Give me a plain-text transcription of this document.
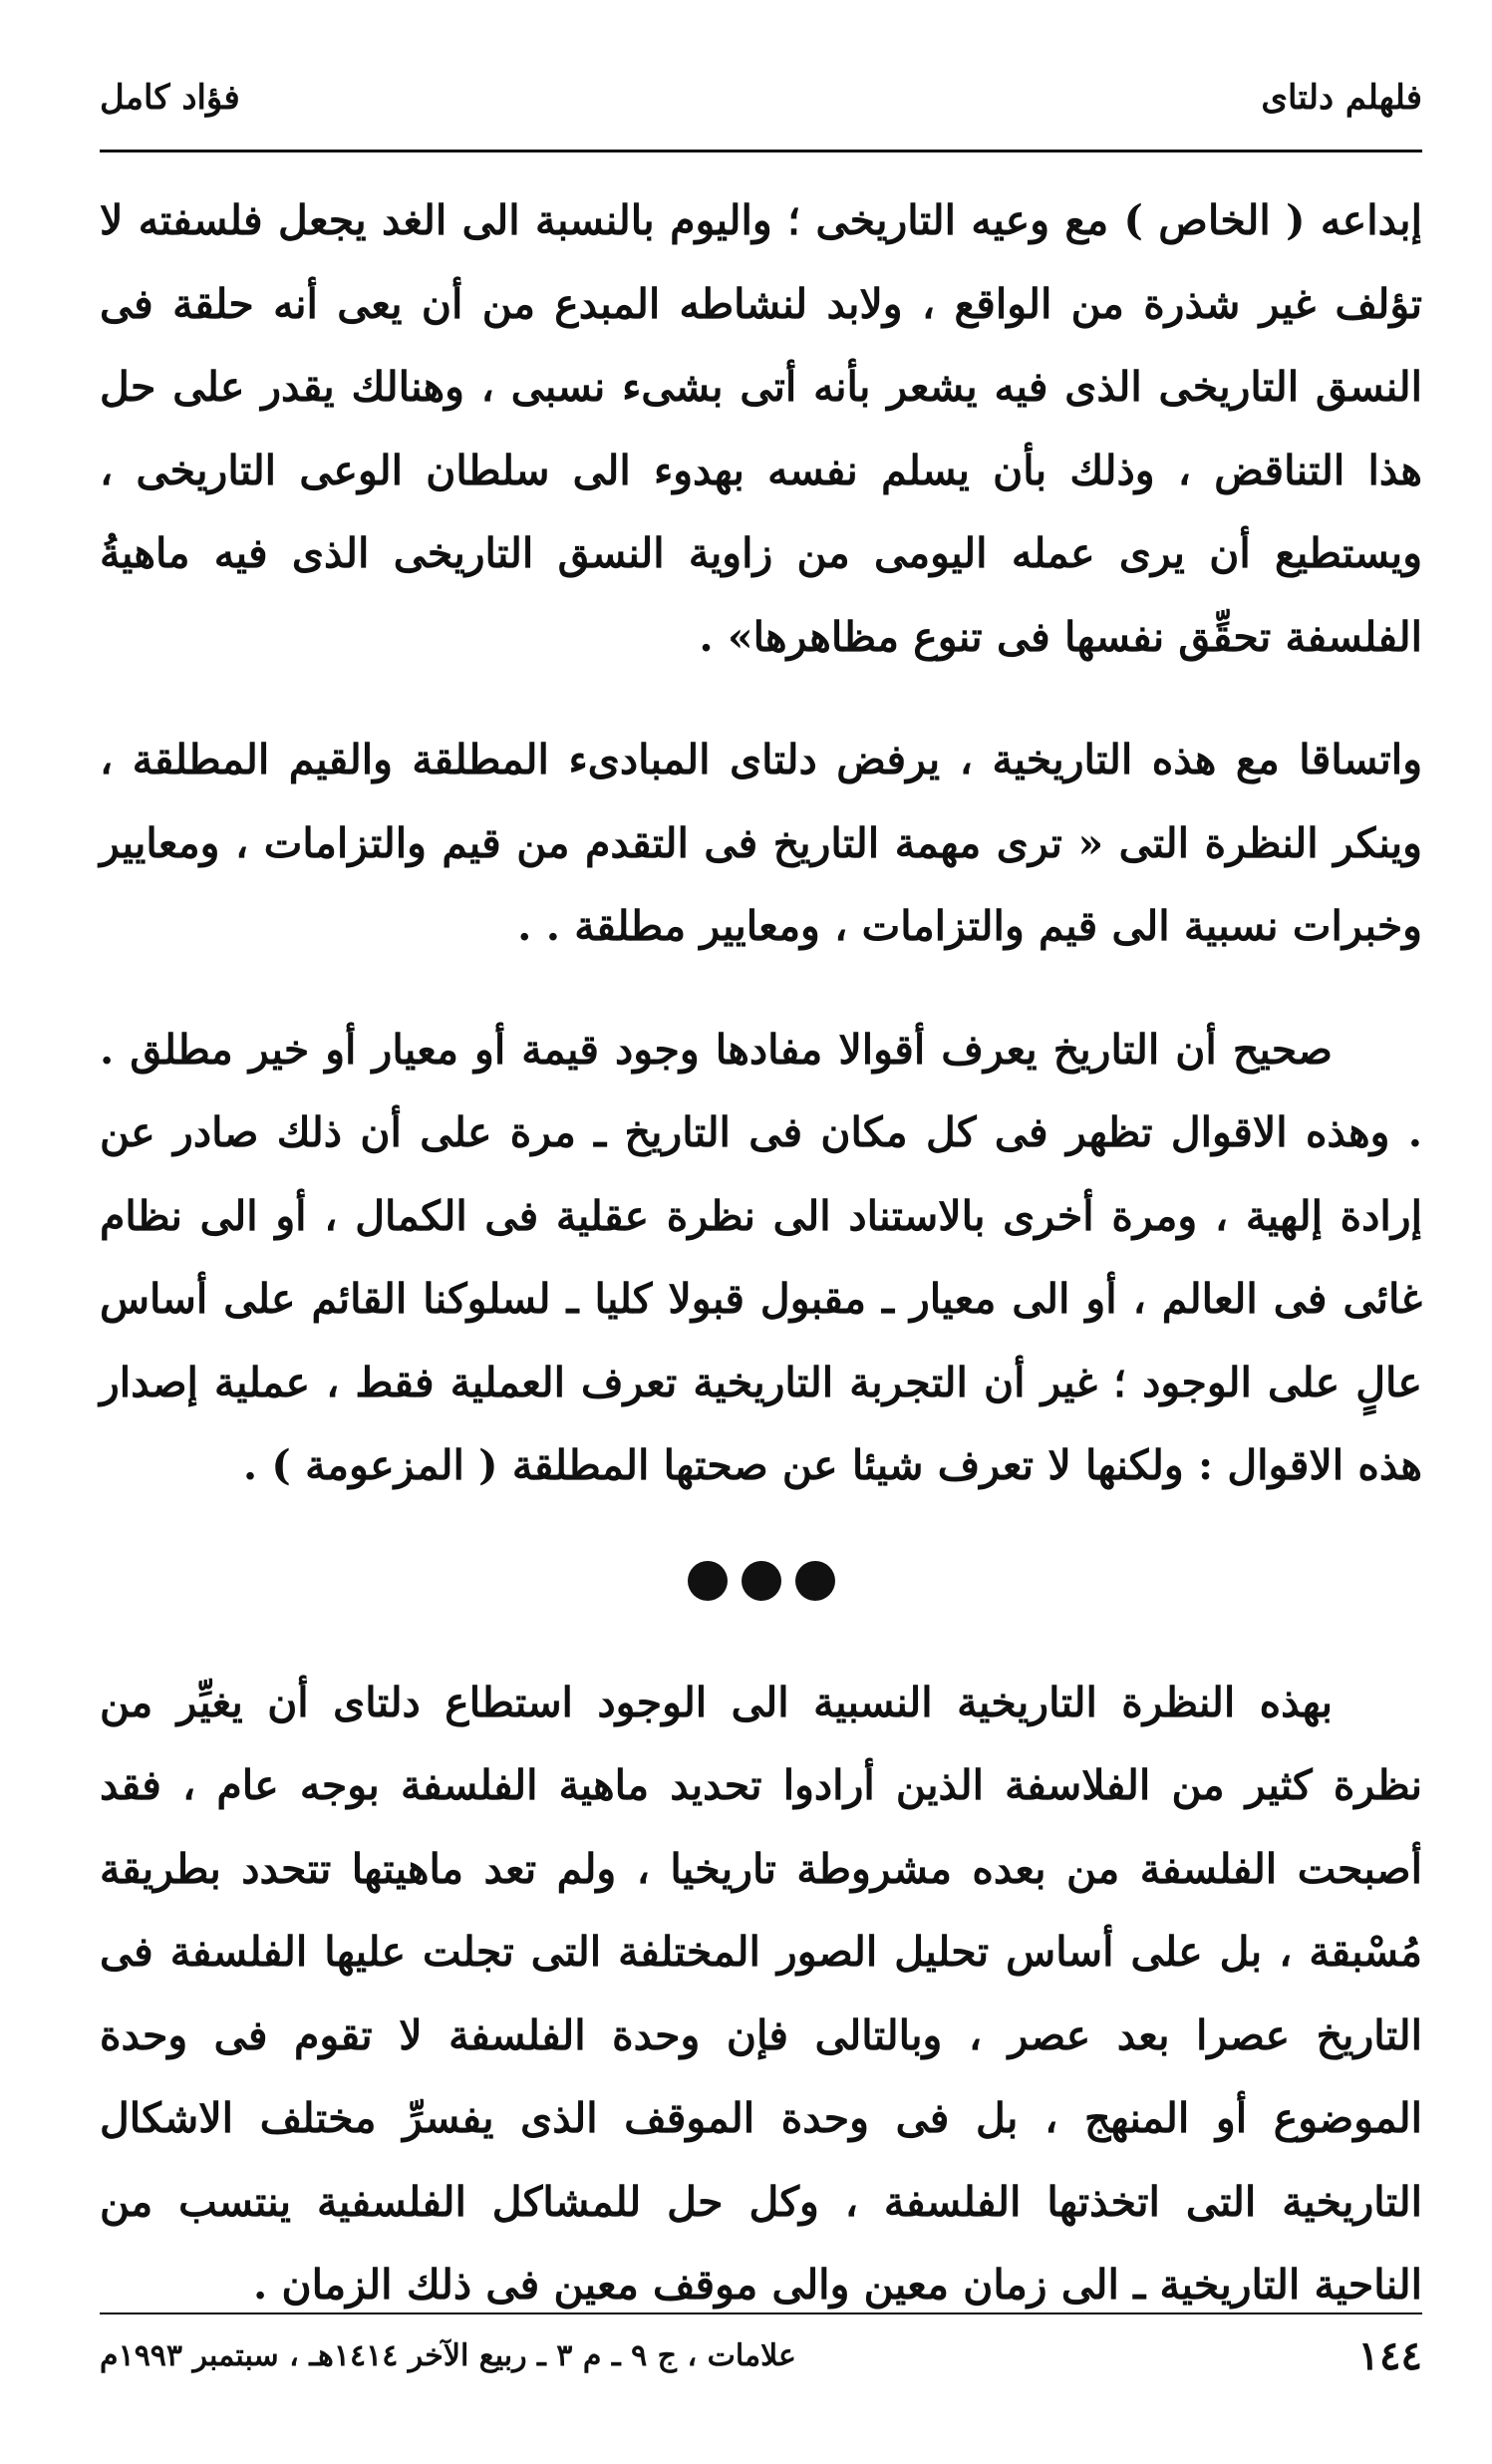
فلهلم دلتاى
فؤاد كامل

إبداعه ( الخاص ) مع وعيه التاريخى ؛ واليوم بالنسبة الى الغد يجعل فلسفته لا تؤلف غير شذرة من الواقع ، ولابد لنشاطه المبدع من أن يعى أنه حلقة فى النسق التاريخى الذى فيه يشعر بأنه أتى بشىء نسبى ، وهنالك يقدر على حل هذا التناقض ، وذلك بأن يسلم نفسه بهدوء الى سلطان الوعى التاريخى ، ويستطيع أن يرى عمله اليومى من زاوية النسق التاريخى الذى فيه ماهيةُ الفلسفة تحقِّق نفسها فى تنوع مظاهرها» .

واتساقا مع هذه التاريخية ، يرفض دلتاى المبادىء المطلقة والقيم المطلقة ، وينكر النظرة التى « ترى مهمة التاريخ فى التقدم من قيم والتزامات ، ومعايير وخبرات نسبية الى قيم والتزامات ، ومعايير مطلقة . .

صحيح أن التاريخ يعرف أقوالا مفادها وجود قيمة أو معيار أو خير مطلق . . وهذه الاقوال تظهر فى كل مكان فى التاريخ ـ مرة على أن ذلك صادر عن إرادة إلهية ، ومرة أخرى بالاستناد الى نظرة عقلية فى الكمال ، أو الى نظام غائى فى العالم ، أو الى معيار ـ مقبول قبولا كليا ـ لسلوكنا القائم على أساس عالٍ على الوجود ؛ غير أن التجربة التاريخية تعرف العملية فقط ، عملية إصدار هذه الاقوال : ولكنها لا تعرف شيئا عن صحتها المطلقة ( المزعومة ) .

بهذه النظرة التاريخية النسبية الى الوجود استطاع دلتاى أن يغيِّر من نظرة كثير من الفلاسفة الذين أرادوا تحديد ماهية الفلسفة بوجه عام ، فقد أصبحت الفلسفة من بعده مشروطة تاريخيا ، ولم تعد ماهيتها تتحدد بطريقة مُسْبقة ، بل على أساس تحليل الصور المختلفة التى تجلت عليها الفلسفة فى التاريخ عصرا بعد عصر ، وبالتالى فإن وحدة الفلسفة لا تقوم فى وحدة الموضوع أو المنهج ، بل فى وحدة الموقف الذى يفسرِّ مختلف الاشكال التاريخية التى اتخذتها الفلسفة ، وكل حل للمشاكل الفلسفية ينتسب من الناحية التاريخية ـ الى زمان معين والى موقف معين فى ذلك الزمان .

١٤٤
علامات ، ج ٩ ـ م ٣ ـ ربيع الآخر ١٤١٤هـ ، سبتمبر ١٩٩٣م
